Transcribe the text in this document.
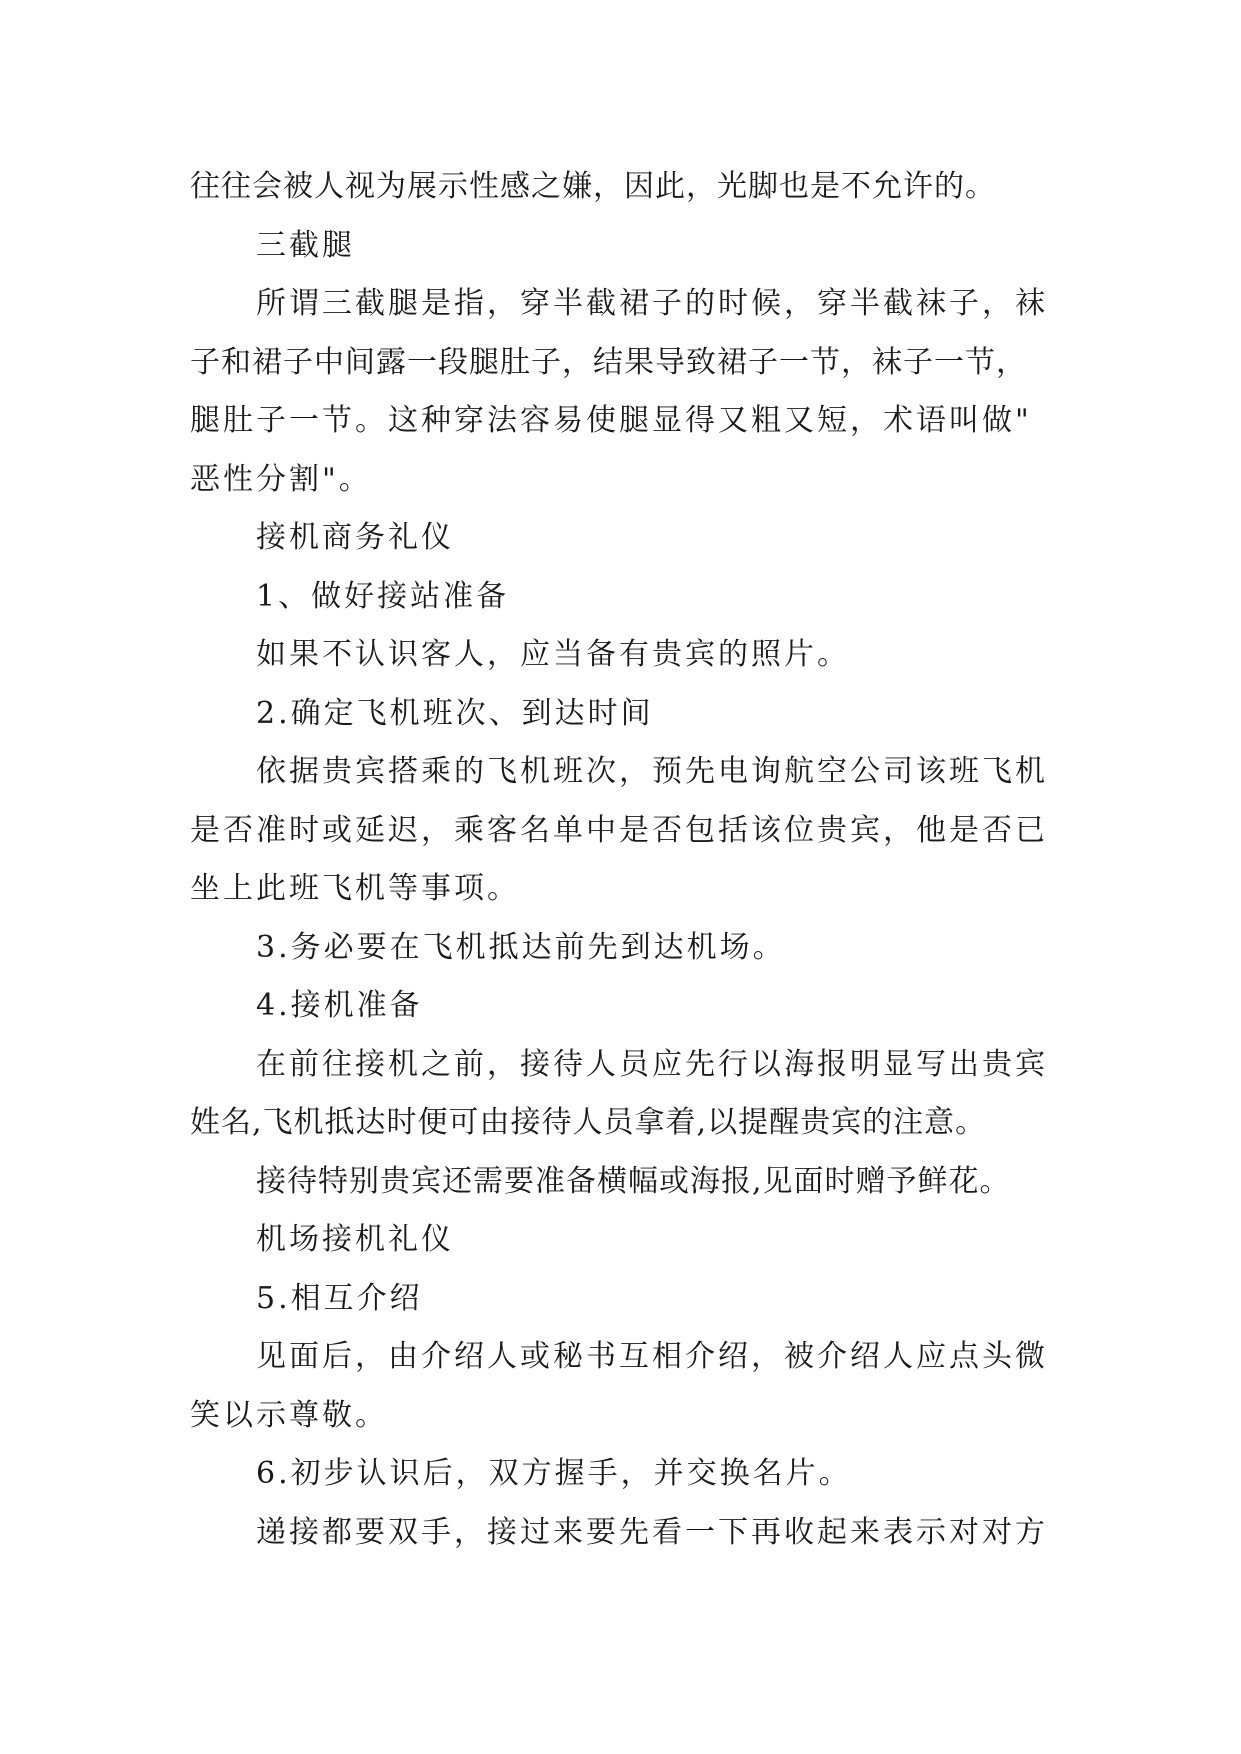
往往会被人视为展示性感之嫌，因此，光脚也是不允许的。
三截腿
所谓三截腿是指，穿半截裙子的时候，穿半截袜子，袜
子和裙子中间露一段腿肚子，结果导致裙子一节，袜子一节，
腿肚子一节。这种穿法容易使腿显得又粗又短，术语叫做"
恶性分割"。
接机商务礼仪
1、做好接站准备
如果不认识客人，应当备有贵宾的照片。
2.确定飞机班次、到达时间
依据贵宾搭乘的飞机班次，预先电询航空公司该班飞机
是否准时或延迟，乘客名单中是否包括该位贵宾，他是否已
坐上此班飞机等事项。
3.务必要在飞机抵达前先到达机场。
4.接机准备
在前往接机之前，接待人员应先行以海报明显写出贵宾
姓名,飞机抵达时便可由接待人员拿着,以提醒贵宾的注意。
接待特别贵宾还需要准备横幅或海报,见面时赠予鲜花。
机场接机礼仪
5.相互介绍
见面后，由介绍人或秘书互相介绍，被介绍人应点头微
笑以示尊敬。
6.初步认识后，双方握手，并交换名片。
递接都要双手，接过来要先看一下再收起来表示对对方
